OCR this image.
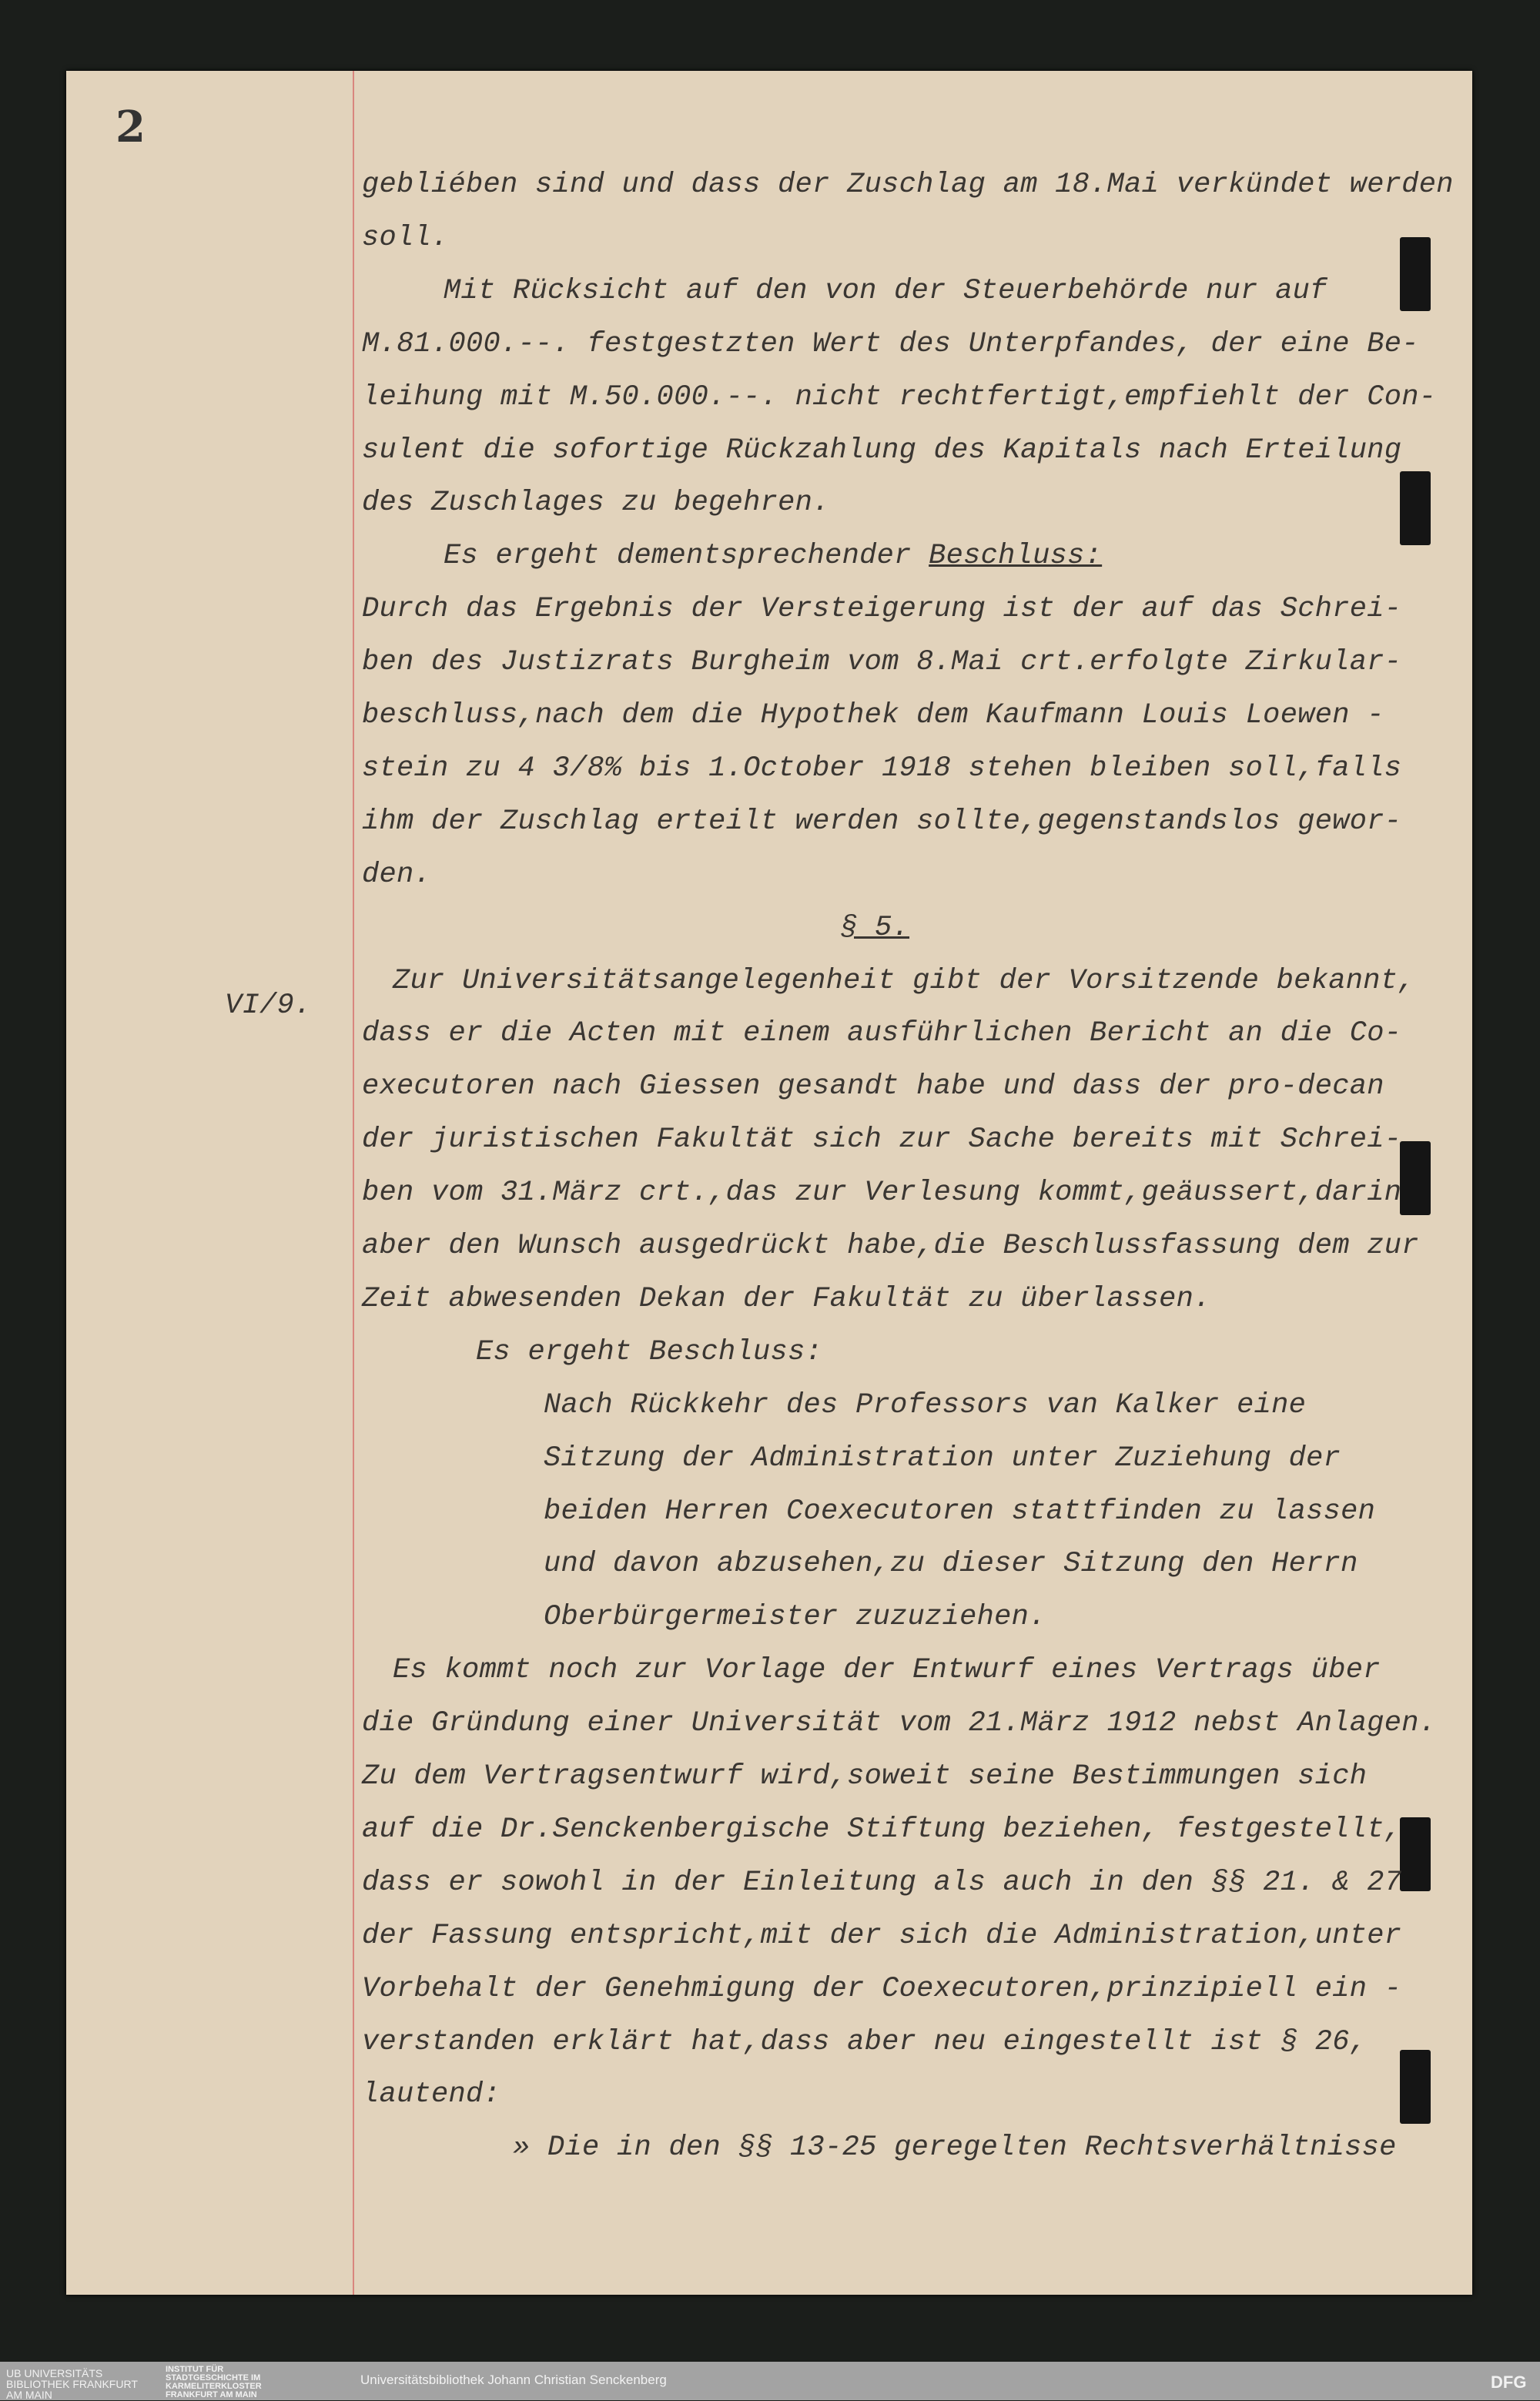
2
VI/9.
gebliében sind und dass der Zuschlag am 18.Mai verkündet werden
soll.
Mit Rücksicht auf den von der Steuerbehörde nur auf
M.81.000.--. festgestzten Wert des Unterpfandes, der eine Be-
leihung mit M.50.000.--. nicht rechtfertigt,empfiehlt der Con-
sulent die sofortige Rückzahlung des Kapitals nach Erteilung
des Zuschlages zu begehren.
Es ergeht dementsprechender Beschluss:
Durch das Ergebnis der Versteigerung ist der auf das Schrei-
ben des Justizrats Burgheim vom 8.Mai crt.erfolgte Zirkular-
beschluss,nach dem die Hypothek dem Kaufmann Louis Loewen -
stein zu 4 3/8% bis 1.October 1918 stehen bleiben soll,falls
ihm der Zuschlag erteilt werden sollte,gegenstandslos gewor-
den.
§ 5.
Zur Universitätsangelegenheit gibt der Vorsitzende bekannt,
dass er die Acten mit einem ausführlichen Bericht an die Co-
executoren nach Giessen gesandt habe und dass der pro-decan
der juristischen Fakultät sich zur Sache bereits mit Schrei-
ben vom 31.März crt.,das zur Verlesung kommt,geäussert,darin
aber den Wunsch ausgedrückt habe,die Beschlussfassung dem zur
Zeit abwesenden Dekan der Fakultät zu überlassen.
Es ergeht Beschluss:
Nach Rückkehr des Professors van Kalker eine
Sitzung der Administration unter Zuziehung der
beiden Herren Coexecutoren stattfinden zu lassen
und davon abzusehen,zu dieser Sitzung den Herrn
Oberbürgermeister zuzuziehen.
Es kommt noch zur Vorlage der Entwurf eines Vertrags über
die Gründung einer Universität vom 21.März 1912 nebst Anlagen.
Zu dem Vertragsentwurf wird,soweit seine Bestimmungen sich
auf die Dr.Senckenbergische Stiftung beziehen, festgestellt,
dass er sowohl in der Einleitung als auch in den §§ 21. & 27
der Fassung entspricht,mit der sich die Administration,unter
Vorbehalt der Genehmigung der Coexecutoren,prinzipiell ein -
verstanden erklärt hat,dass aber neu eingestellt ist § 26,
lautend:
» Die in den §§ 13-25 geregelten Rechtsverhältnisse
UB UNIVERSITÄTS BIBLIOTHEK FRANKFURT AM MAIN
INSTITUT FÜR STADTGESCHICHTE IM KARMELITERKLOSTER FRANKFURT AM MAIN
Universitätsbibliothek Johann Christian Senckenberg	DFG
